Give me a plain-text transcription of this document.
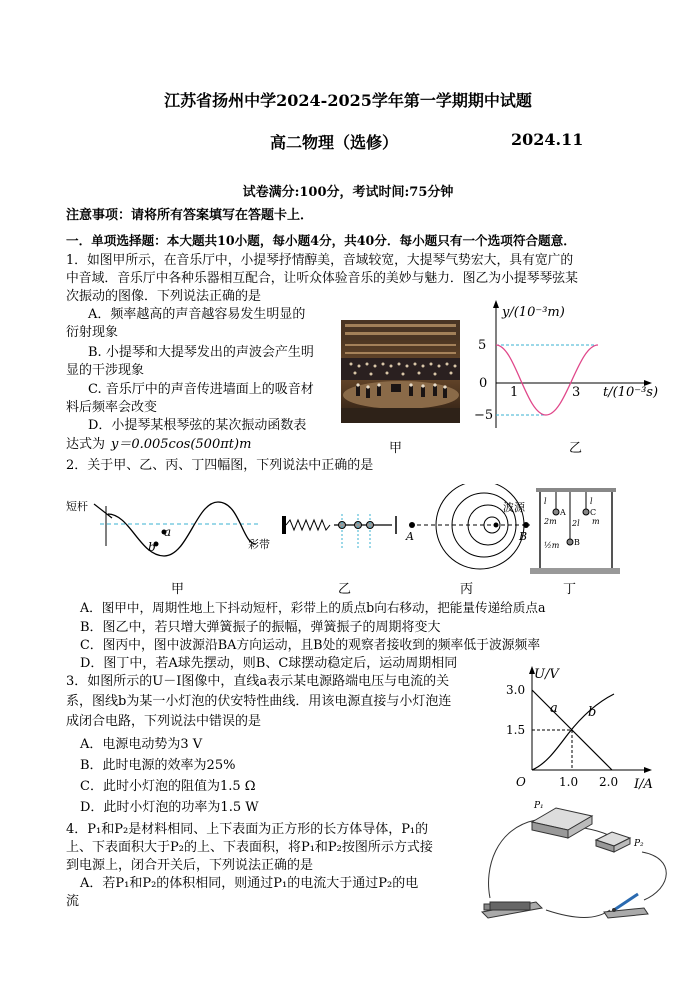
江苏省扬州中学2024-2025学年第一学期期中试题
高二物理（选修）	2024.11
试卷满分:100分，考试时间:75分钟
注意事项：请将所有答案填写在答题卡上．
一．单项选择题：本大题共10小题，每小题4分，共40分．每小题只有一个选项符合题意．
1．如图甲所示，在音乐厅中，小提琴抒情醇美，音域较宽，大提琴气势宏大，具有宽广的
中音域．音乐厅中各种乐器相互配合，让听众体验音乐的美妙与魅力．图乙为小提琴琴弦某
次振动的图像．下列说法正确的是
A．频率越高的声音越容易发生明显的
衍射现象
B. 小提琴和大提琴发出的声波会产生明
显的干涉现象
C. 音乐厅中的声音传进墙面上的吸音材
料后频率会改变
D．小提琴某根琴弦的某次振动函数表
达式为 y＝0.005cos(500πt)m	甲	乙
5
0
−5
1	3
y/(10⁻³m)
t/(10⁻³s)
2．关于甲、乙、丙、丁四幅图，下列说法中正确的是
短杆
b
a
彩带
A	B
波源 l	l
2l
A	C
B
2m	m
½m
甲	乙	丙	丁
A．图甲中，周期性地上下抖动短杆，彩带上的质点b向右移动，把能量传递给质点a
B．图乙中，若只增大弹簧振子的振幅，弹簧振子的周期将变大
C．图丙中，图中波源沿BA方向运动，且B处的观察者接收到的频率低于波源频率
D．图丁中，若A球先摆动，则B、C球摆动稳定后，运动周期相同
3．如图所示的U－I图像中，直线a表示某电源路端电压与电流的关
系，图线b为某一小灯泡的伏安特性曲线．用该电源直接与小灯泡连
成闭合电路，下列说法中错误的是
A．电源电动势为3 V
B．此时电源的效率为25%
C．此时小灯泡的阻值为1.5 Ω
D．此时小灯泡的功率为1.5 W
3.0
1.5
1.0 2.0
O
U/V
I/A
a b
4．P₁和P₂是材料相同、上下表面为正方形的长方体导体，P₁的
上、下表面积大于P₂的上、下表面积，将P₁和P₂按图所示方式接
到电源上，闭合开关后，下列说法正确的是
A．若P₁和P₂的体积相同，则通过P₁的电流大于通过P₂的电
流
P₁
P₂
